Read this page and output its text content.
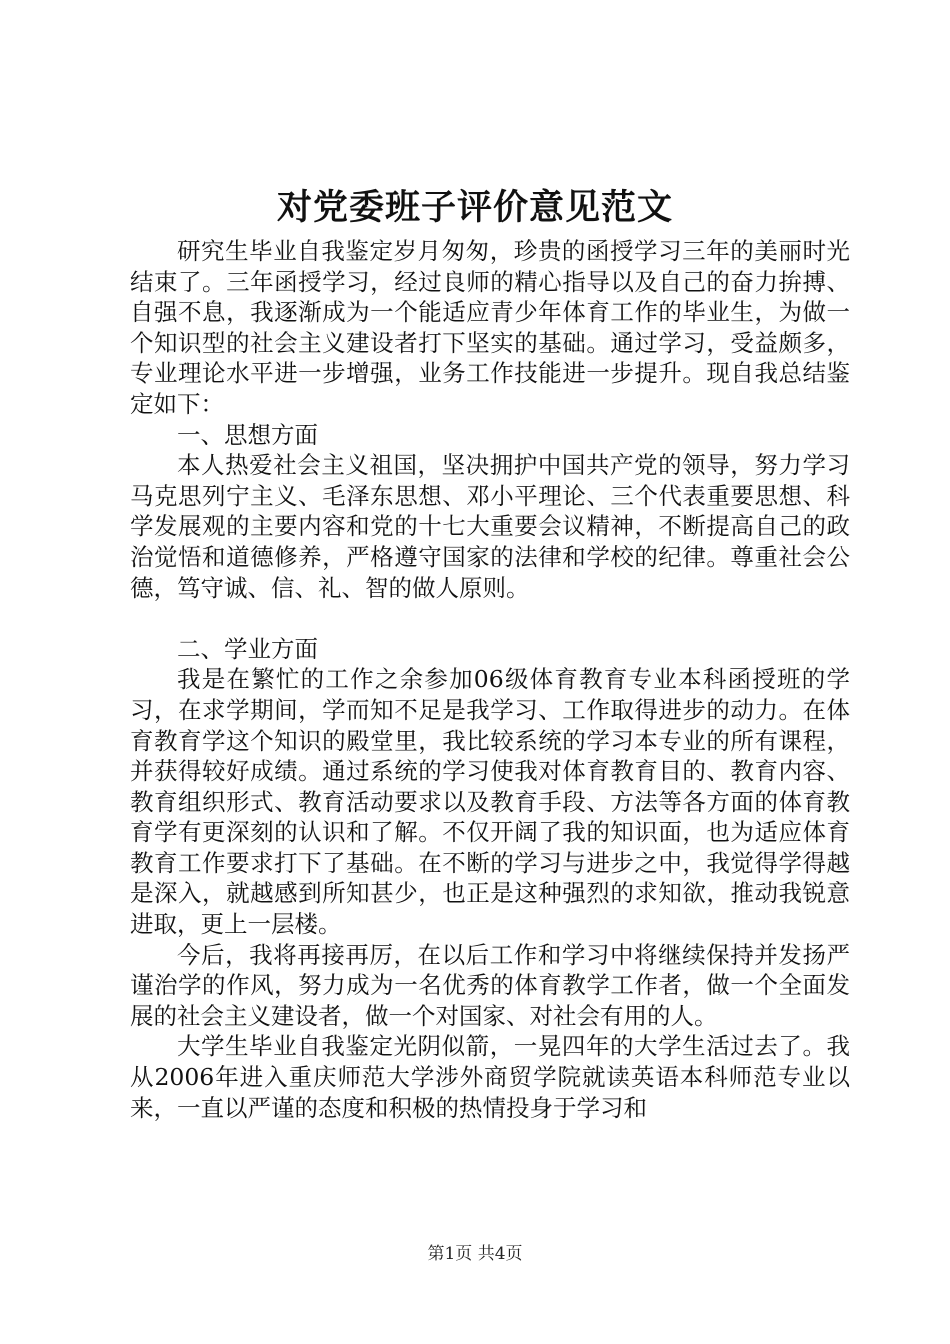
对党委班子评价意见范文

研究生毕业自我鉴定岁月匆匆，珍贵的函授学习三年的美丽时光结束了。三年函授学习，经过良师的精心指导以及自己的奋力拚搏、自强不息，我逐渐成为一个能适应青少年体育工作的毕业生，为做一个知识型的社会主义建设者打下坚实的基础。通过学习，受益颇多，专业理论水平进一步增强，业务工作技能进一步提升。现自我总结鉴定如下：

一、思想方面

本人热爱社会主义祖国，坚决拥护中国共产党的领导，努力学习马克思列宁主义、毛泽东思想、邓小平理论、三个代表重要思想、科学发展观的主要内容和党的十七大重要会议精神，不断提高自己的政治觉悟和道德修养，严格遵守国家的法律和学校的纪律。尊重社会公德，笃守诚、信、礼、智的做人原则。

二、学业方面

我是在繁忙的工作之余参加06级体育教育专业本科函授班的学习，在求学期间，学而知不足是我学习、工作取得进步的动力。在体育教育学这个知识的殿堂里，我比较系统的学习本专业的所有课程，并获得较好成绩。通过系统的学习使我对体育教育目的、教育内容、教育组织形式、教育活动要求以及教育手段、方法等各方面的体育教育学有更深刻的认识和了解。不仅开阔了我的知识面，也为适应体育教育工作要求打下了基础。在不断的学习与进步之中，我觉得学得越是深入，就越感到所知甚少，也正是这种强烈的求知欲，推动我锐意进取，更上一层楼。

今后，我将再接再厉，在以后工作和学习中将继续保持并发扬严谨治学的作风，努力成为一名优秀的体育教学工作者，做一个全面发展的社会主义建设者，做一个对国家、对社会有用的人。

大学生毕业自我鉴定光阴似箭，一晃四年的大学生活过去了。我从2006年进入重庆师范大学涉外商贸学院就读英语本科师范专业以来，一直以严谨的态度和积极的热情投身于学习和

第1页 共4页
